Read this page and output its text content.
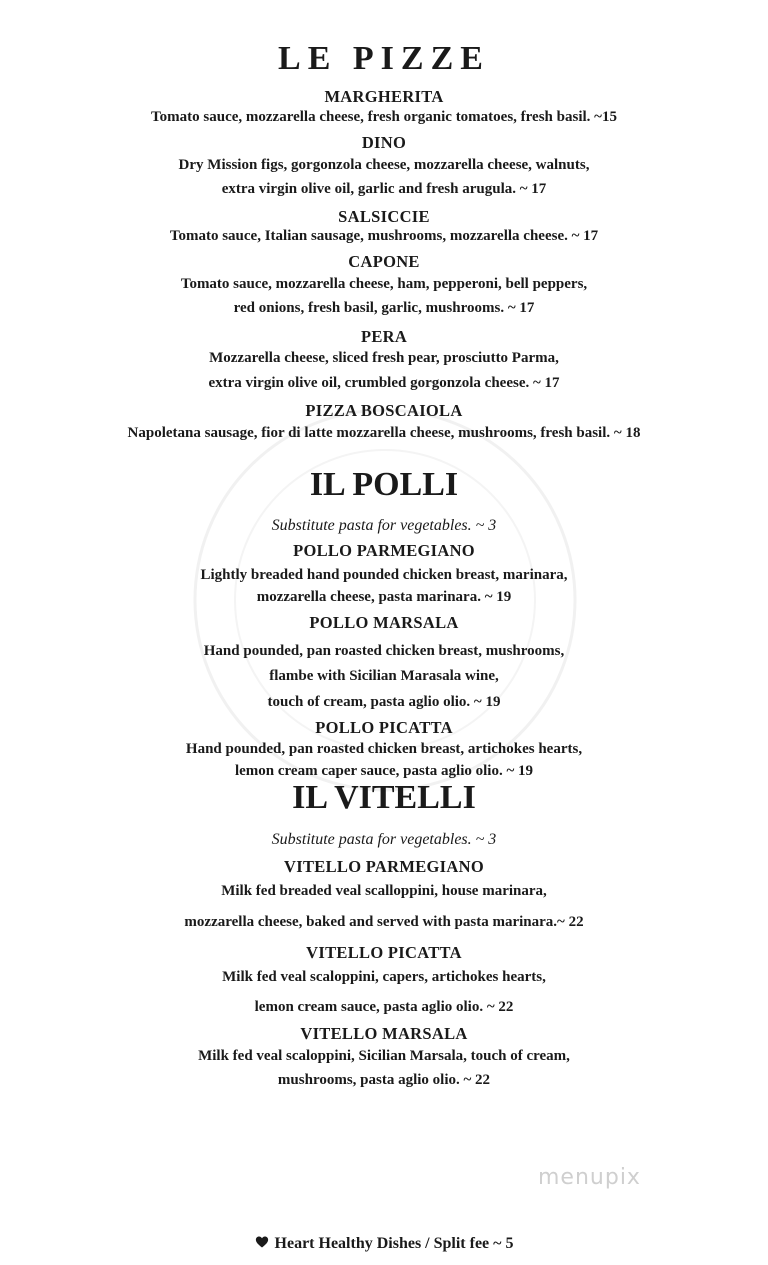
LE PIZZE
MARGHERITA
Tomato sauce, mozzarella cheese, fresh organic tomatoes, fresh basil. ~15
DINO
Dry Mission figs, gorgonzola cheese, mozzarella cheese, walnuts,
extra virgin olive oil, garlic and fresh arugula. ~ 17
SALSICCIE
Tomato sauce, Italian sausage, mushrooms, mozzarella cheese. ~ 17
CAPONE
Tomato sauce, mozzarella cheese, ham, pepperoni, bell peppers,
red onions, fresh basil, garlic, mushrooms. ~ 17
PERA
Mozzarella cheese, sliced fresh pear, prosciutto Parma,
extra virgin olive oil, crumbled gorgonzola cheese. ~ 17
PIZZA BOSCAIOLA
Napoletana sausage, fior di latte mozzarella cheese, mushrooms, fresh basil. ~ 18
IL POLLI
Substitute pasta for vegetables. ~ 3
POLLO PARMEGIANO
Lightly breaded hand pounded chicken breast, marinara,
mozzarella cheese, pasta marinara. ~ 19
POLLO MARSALA
Hand pounded, pan roasted chicken breast, mushrooms,
flambe with Sicilian Marasala wine,
touch of cream, pasta aglio olio. ~ 19
POLLO PICATTA
Hand pounded, pan roasted chicken breast, artichokes hearts,
lemon cream caper sauce, pasta aglio olio. ~ 19
IL VITELLI
Substitute pasta for vegetables. ~ 3
VITELLO PARMEGIANO
Milk fed breaded veal scalloppini, house marinara,
mozzarella cheese, baked and served with pasta marinara.~ 22
VITELLO PICATTA
Milk fed veal scaloppini, capers, artichokes hearts,
lemon cream sauce, pasta aglio olio. ~ 22
VITELLO MARSALA
Milk fed veal scaloppini, Sicilian Marsala, touch of cream,
mushrooms, pasta aglio olio. ~ 22
menupix
Heart Healthy Dishes / Split fee ~ 5
